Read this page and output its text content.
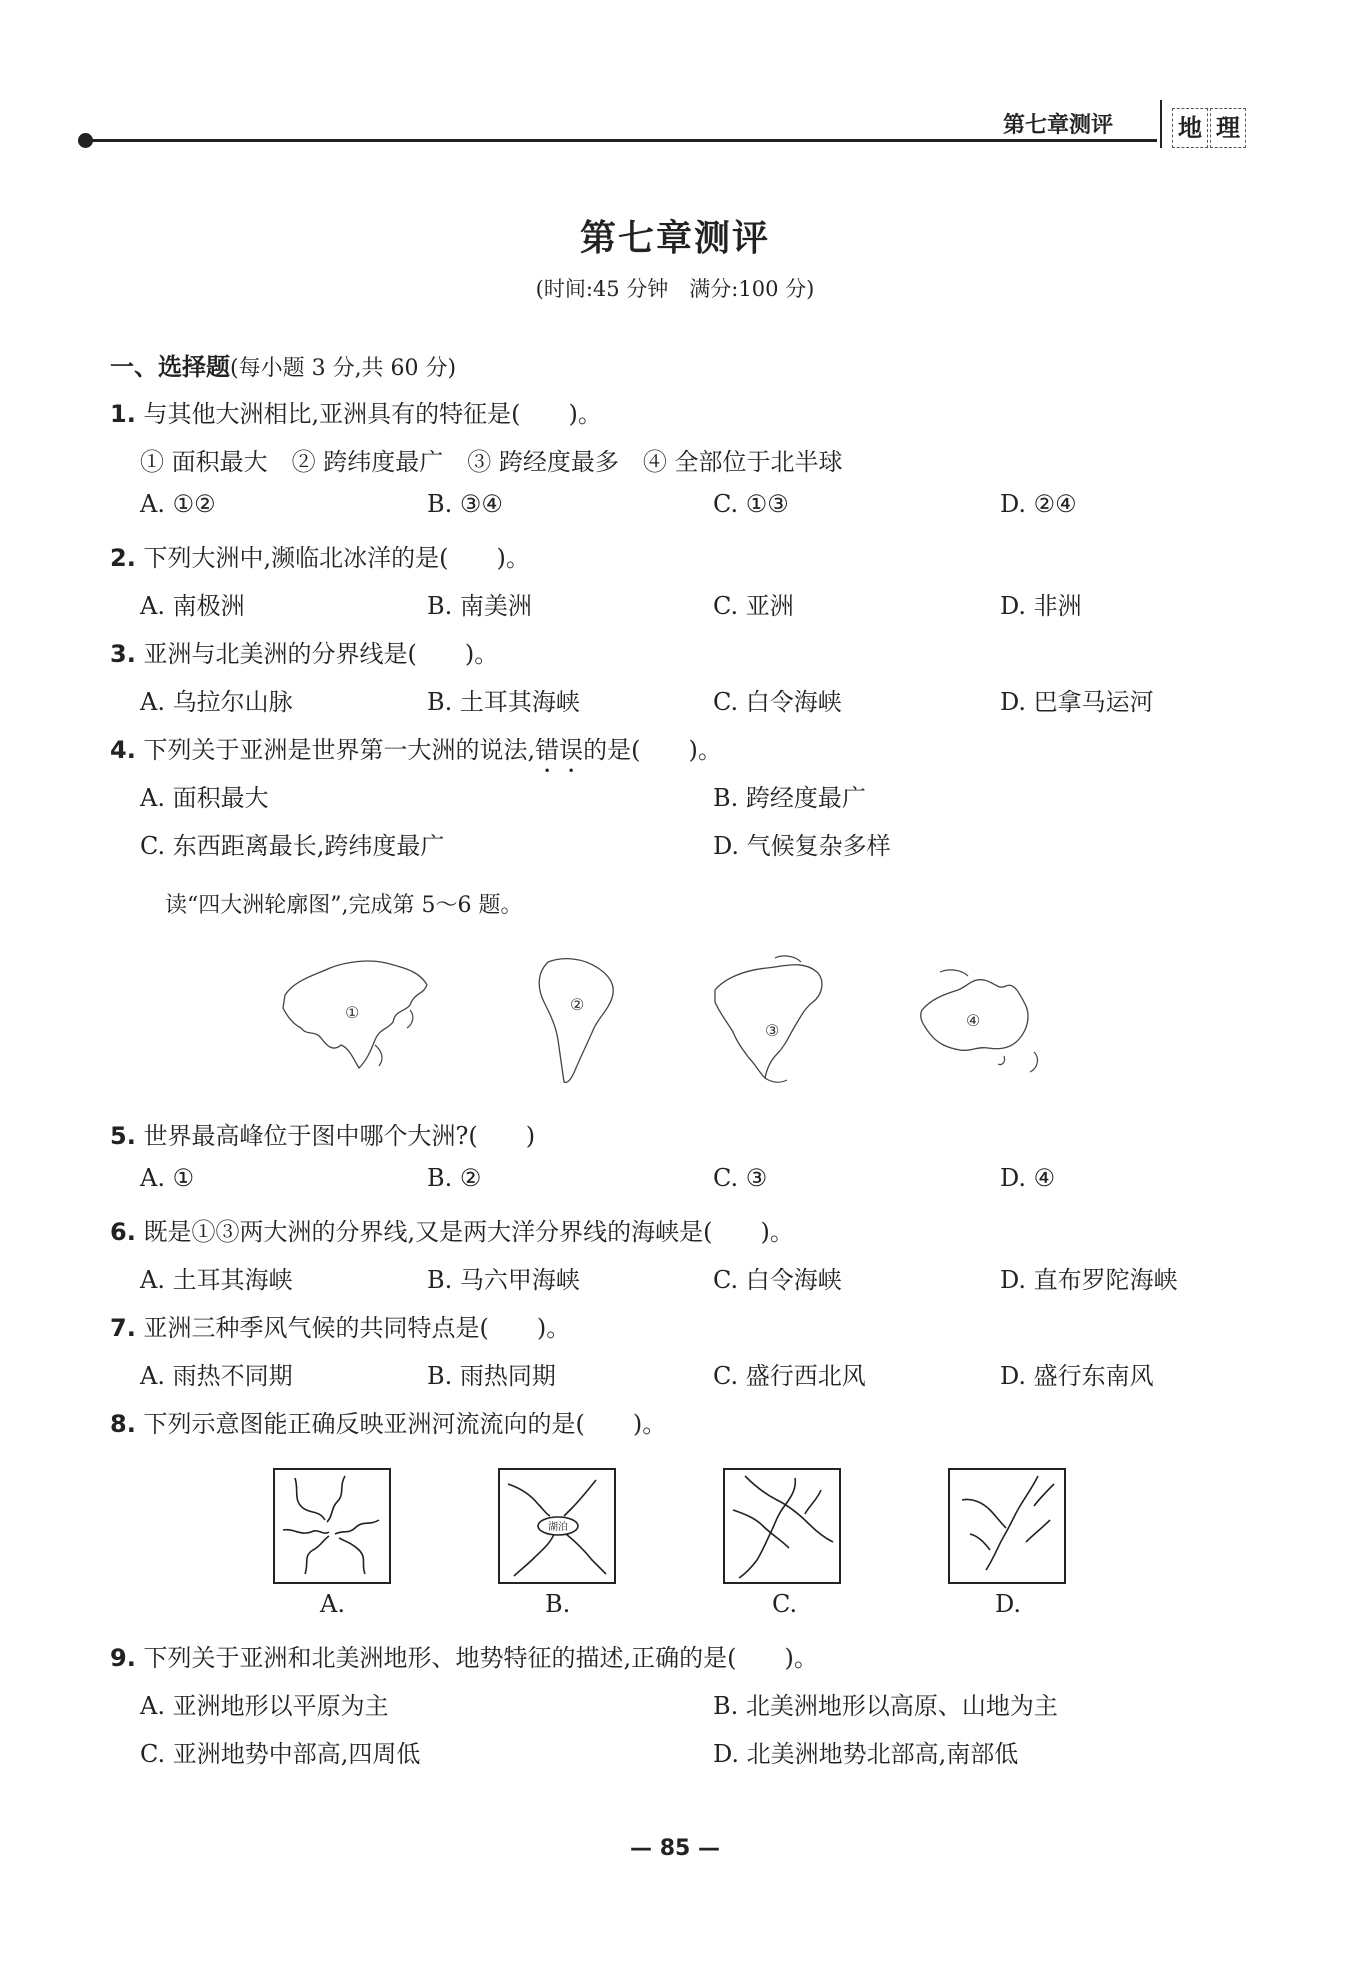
第七章测评	地 理
第七章测评
(时间:45 分钟　满分:100 分)
一、选择题(每小题 3 分,共 60 分)
1. 与其他大洲相比,亚洲具有的特征是( )。
① 面积最大　② 跨纬度最广　③ 跨经度最多　④ 全部位于北半球
A. ①②	B. ③④	C. ①③	D. ②④
2. 下列大洲中,濒临北冰洋的是( )。
A. 南极洲	B. 南美洲	C. 亚洲	D. 非洲
3. 亚洲与北美洲的分界线是( )。
A. 乌拉尔山脉	B. 土耳其海峡	C. 白令海峡	D. 巴拿马运河
4. 下列关于亚洲是世界第一大洲的说法,错误的是( )。
A. 面积最大	B. 跨经度最广
C. 东西距离最长,跨纬度最广	D. 气候复杂多样
读“四大洲轮廓图”,完成第 5～6 题。
①	②
③
④
5. 世界最高峰位于图中哪个大洲?( )
A. ①	B. ②	C. ③	D. ④
6. 既是①③两大洲的分界线,又是两大洋分界线的海峡是( )。
A. 土耳其海峡	B. 马六甲海峡	C. 白令海峡	D. 直布罗陀海峡
7. 亚洲三种季风气候的共同特点是( )。
A. 雨热不同期	B. 雨热同期	C. 盛行西北风	D. 盛行东南风
8. 下列示意图能正确反映亚洲河流流向的是( )。
A.
湖泊
B.	C.	D.
9. 下列关于亚洲和北美洲地形、地势特征的描述,正确的是( )。
A. 亚洲地形以平原为主	B. 北美洲地形以高原、山地为主
C. 亚洲地势中部高,四周低	D. 北美洲地势北部高,南部低
— 85 —
